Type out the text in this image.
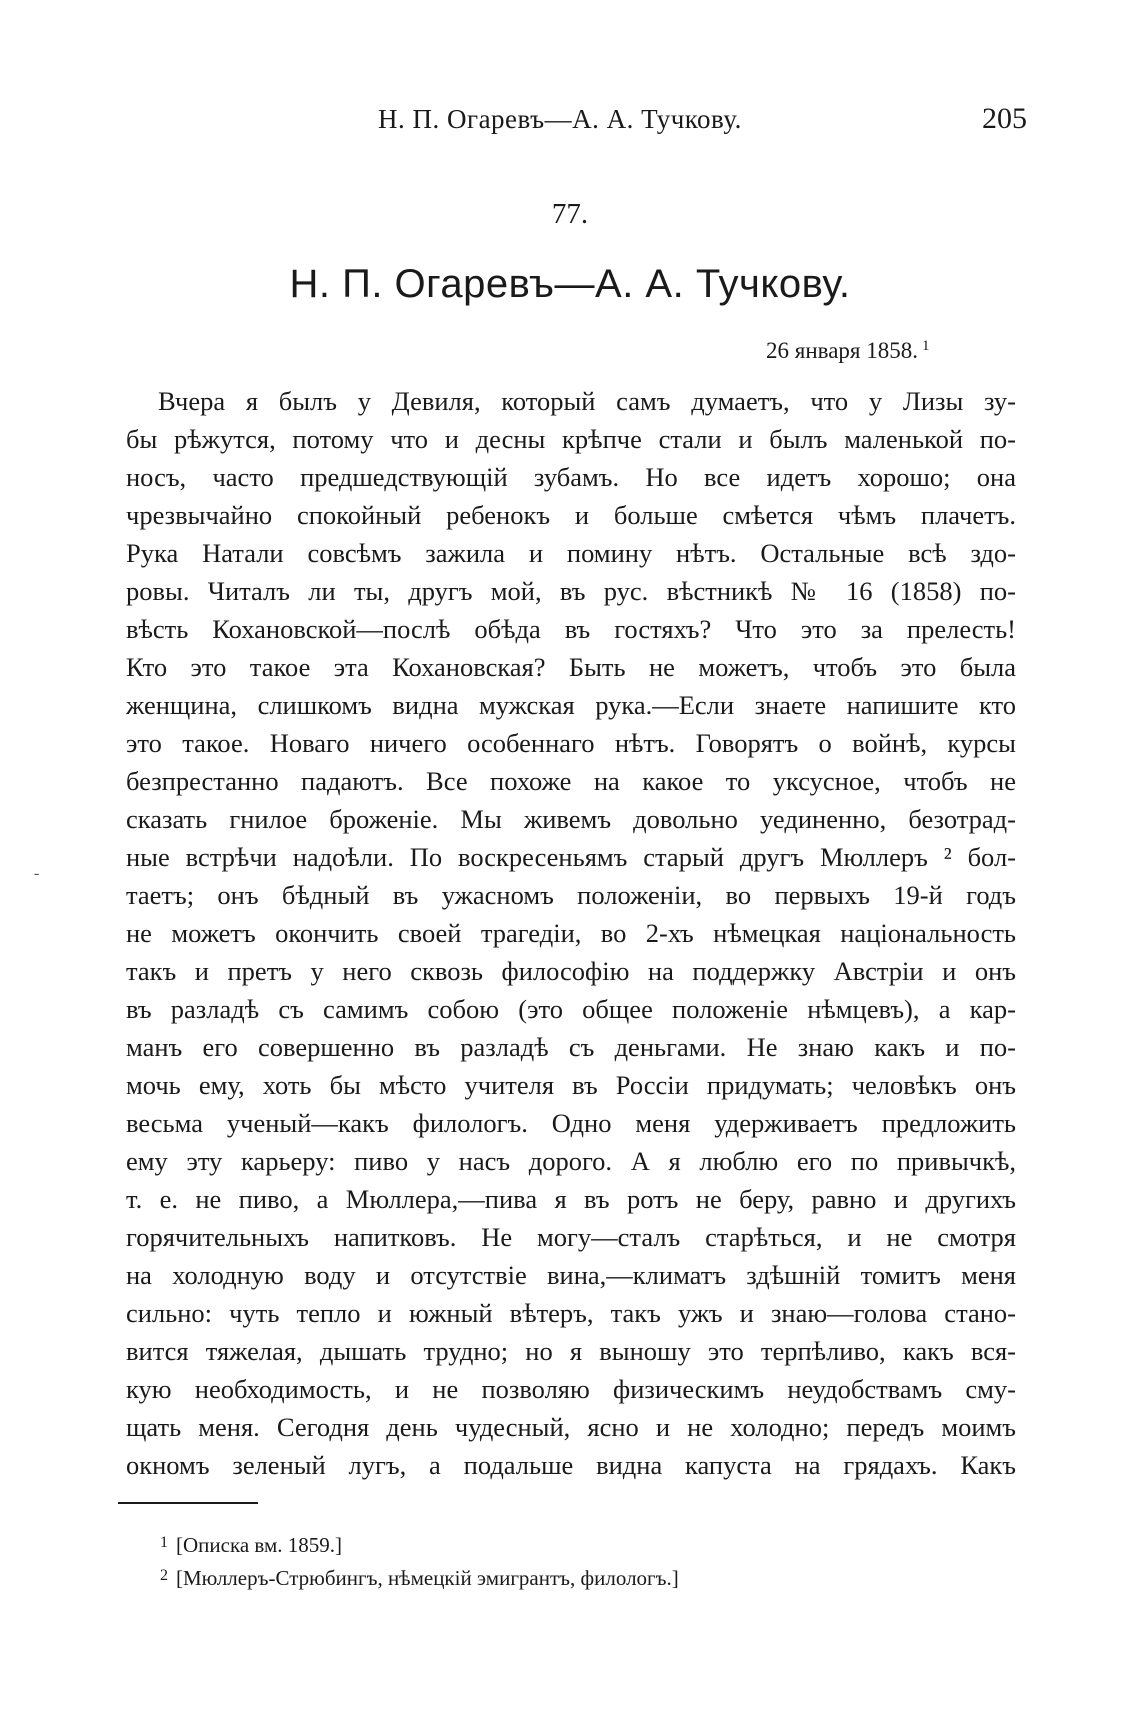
Н. П. Огаревъ—А. А. Тучкову.	205
77.
Н. П. Огаревъ—А. А. Тучкову.
26 января 1858. $^1$
-
Вчера я былъ у Девиля, который самъ думаетъ, что у Лизы зу-
бы рѣжутся, потому что и десны крѣпче стали и былъ маленькой по-
носъ, часто предшедствующій зубамъ. Но все идетъ хорошо; она
чрезвычайно спокойный ребенокъ и больше смѣется чѣмъ плачетъ.
Рука Натали совсѣмъ зажила и помину нѣтъ. Остальные всѣ здо-
ровы. Читалъ ли ты, другъ мой, въ рус. вѣстникѣ № 16 (1858) по-
вѣсть Кохановской—послѣ обѣда въ гостяхъ? Что это за прелесть!
Кто это такое эта Кохановская? Быть не можетъ, чтобъ это была
женщина, слишкомъ видна мужская рука.—Если знаете напишите кто
это такое. Новаго ничего особеннаго нѣтъ. Говорятъ о войнѣ, курсы
безпрестанно падаютъ. Все похоже на какое то уксусное, чтобъ не
сказать гнилое броженіе. Мы живемъ довольно уединенно, безотрад-
ные встрѣчи надоѣли. По воскресеньямъ старый другъ Мюллеръ ² бол-
таетъ; онъ бѣдный въ ужасномъ положеніи, во первыхъ 19-й годъ
не можетъ окончить своей трагедіи, во 2-хъ нѣмецкая національность
такъ и претъ у него сквозь философію на поддержку Австріи и онъ
въ разладѣ съ самимъ собою (это общее положеніе нѣмцевъ), а кар-
манъ его совершенно въ разладѣ съ деньгами. Не знаю какъ и по-
мочь ему, хоть бы мѣсто учителя въ Россіи придумать; человѣкъ онъ
весьма ученый—какъ филологъ. Одно меня удерживаетъ предложить
ему эту карьеру: пиво у насъ дорого. А я люблю его по привычкѣ,
т. е. не пиво, а Мюллера,—пива я въ ротъ не беру, равно и другихъ
горячительныхъ напитковъ. Не могу—сталъ старѣться, и не смотря
на холодную воду и отсутствіе вина,—климатъ здѣшній томитъ меня
сильно: чуть тепло и южный вѣтеръ, такъ ужъ и знаю—голова стано-
вится тяжелая, дышать трудно; но я выношу это терпѣливо, какъ вся-
кую необходимость, и не позволяю физическимъ неудобствамъ сму-
щать меня. Сегодня день чудесный, ясно и не холодно; передъ моимъ
окномъ зеленый лугъ, а подальше видна капуста на грядахъ. Какъ
$^1$ [Описка вм. 1859.]
$^2$ [Мюллеръ-Стрюбингъ, нѣмецкій эмигрантъ, филологъ.]
